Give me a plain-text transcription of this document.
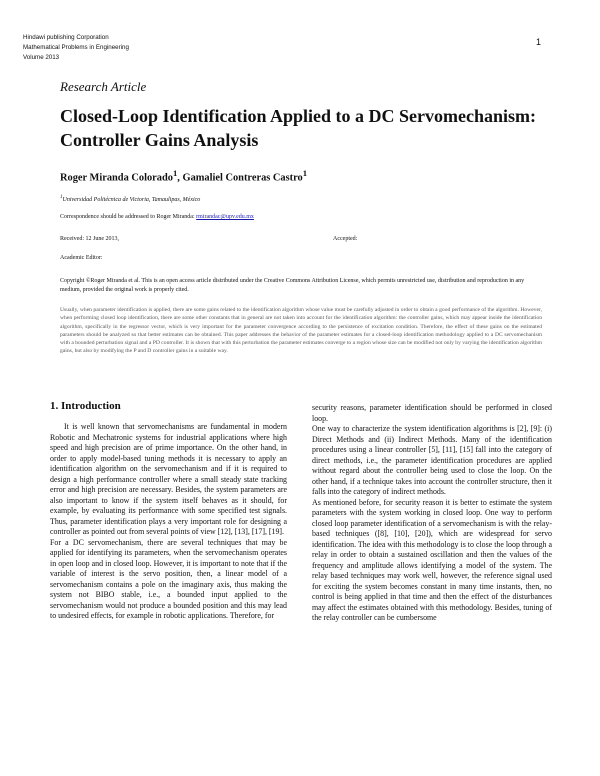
Hindawi publishing Corporation
Mathematical Problems in Engineering
Volume 2013
1
Research Article
Closed-Loop Identification Applied to a DC Servomechanism: Controller Gains Analysis
Roger Miranda Colorado$^1$, Gamaliel Contreras Castro$^1$
$^1$Universidad Politécnica de Victoria, Tamaulipas, México
Correspondence should be addressed to Roger Miranda: rmirandac@upv.edu.mx
Received: 12 June 2013,	Accepted:
Academic Editor:
Copyright ©Roger Miranda et al. This is an open access article distributed under the Creative Commons Attribution License, which permits unrestricted use, distribution and reproduction in any medium, provided the original work is properly cited.
Usually, when parameter identification is applied, there are some gains related to the identification algorithm whose value must be carefully adjusted in order to obtain a good performance of the algorithm. However, when performing closed loop identification, there are some other constants that in general are not taken into account for the identification algorithm: the controller gains, which may appear inside the identification algorithm, specifically in the regressor vector, which is very important for the parameter convergence according to the persistence of excitation condition. Therefore, the effect of these gains on the estimated parameters should be analyzed so that better estimates can be obtained. This paper addresses the behavior of the parameter estimates for a closed-loop identification methodology applied to a DC servomechanism with a bounded perturbation signal and a PD controller. It is shown that with this perturbation the parameter estimates converge to a region whose size can be modified not only by varying the identification algorithm gains, but also by modifying the P and D controller gains in a suitable way.
1. Introduction

It is well known that servomechanisms are fundamental in modern Robotic and Mechatronic systems for industrial applications where high speed and high precision are of prime importance. On the other hand, in order to apply model-based tuning methods it is necessary to apply an identification algorithm on the servomechanism and if it is required to design a high performance controller where a small steady state tracking error and high precision are necessary. Besides, the system parameters are also important to know if the system itself behaves as it should, for example, by evaluating its performance with some specified test signals. Thus, parameter identification plays a very important role for designing a controller as pointed out from several points of view [12], [13], [17], [19].

For a DC servomechanism, there are several techniques that may be applied for identifying its parameters, when the servomechanism operates in open loop and in closed loop. However, it is important to note that if the variable of interest is the servo position, then, a linear model of a servomechanism contains a pole on the imaginary axis, thus making the system not BIBO stable, i.e., a bounded input applied to the servomechanism would not produce a bounded position and this may lead to undesired effects, for example in robotic applications. Therefore, for

security reasons, parameter identification should be performed in closed loop.

One way to characterize the system identification algorithms is [2], [9]: (i) Direct Methods and (ii) Indirect Methods. Many of the identification procedures using a linear controller [5], [11], [15] fall into the category of direct methods, i.e., the parameter identification procedures are applied without regard about the controller being used to close the loop. On the other hand, if a technique takes into account the controller structure, then it falls into the category of indirect methods.

As mentioned before, for security reason it is better to estimate the system parameters with the system working in closed loop. One way to perform closed loop parameter identification of a servomechanism is with the relay-based techniques ([8], [10], [20]), which are widespread for servo identification. The idea with this methodology is to close the loop through a relay in order to obtain a sustained oscillation and then the values of the frequency and amplitude allows identifying a model of the system. The relay based techniques may work well, however, the reference signal used for exciting the system becomes constant in many time instants, then, no control is being applied in that time and then the effect of the disturbances may affect the estimates obtained with this methodology. Besides, tuning of the relay controller can be cumbersome
